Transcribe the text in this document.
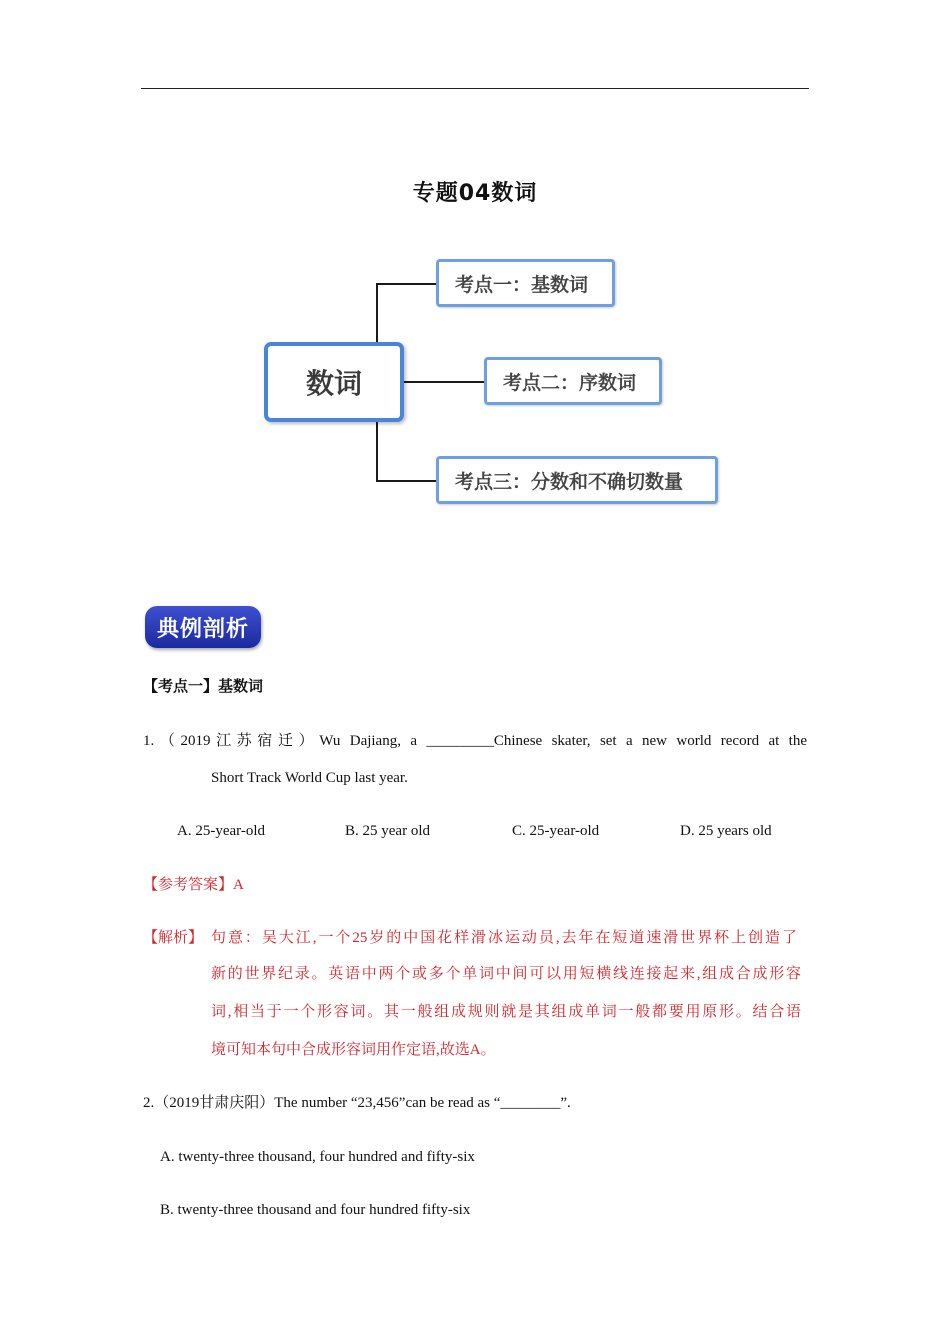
专题04数词
数词
考点一：基数词
考点二：序数词
考点三：分数和不确切数量
典例剖析
【考点一】基数词
1.（2019江苏宿迁）Wu Dajiang, a _________Chinese skater, set a new world record at the
Short Track World Cup last year.
A. 25-year-old	B. 25 year old	C. 25-year-old	D. 25 years old
【参考答案】A
【解析】 句意：吴大江,一个25岁的中国花样滑冰运动员,去年在短道速滑世界杯上创造了
新的世界纪录。英语中两个或多个单词中间可以用短横线连接起来,组成合成形容
词,相当于一个形容词。其一般组成规则就是其组成单词一般都要用原形。结合语
境可知本句中合成形容词用作定语,故选A。
2.（2019甘肃庆阳）The number “23,456”can be read as “________”.
A. twenty-three thousand, four hundred and fifty-six
B. twenty-three thousand and four hundred fifty-six
